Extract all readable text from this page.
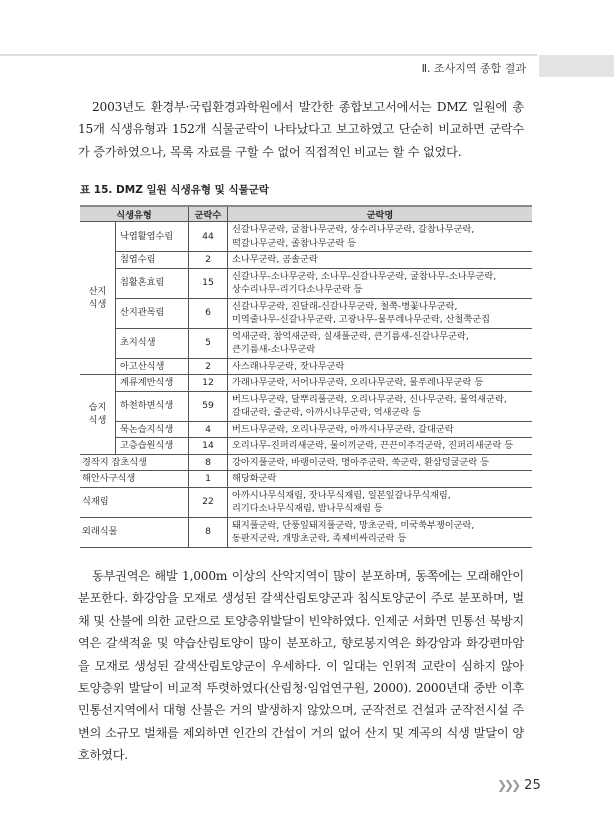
Ⅱ. 조사지역 종합 결과

2003년도 환경부·국립환경과학원에서 발간한 종합보고서에서는 DMZ 일원에 총 15개 식생유형과 152개 식물군락이 나타났다고 보고하였고 단순히 비교하면 군락수가 증가하였으나, 목록 자료를 구할 수 없어 직접적인 비교는 할 수 없었다.

표 15. DMZ 일원 식생유형 및 식물군락
식생유형		군락수	군락명
산지 식생	낙엽활엽수림	44	신갈나무군락, 굴참나무군락, 상수리나무군락, 갈참나무군락,
떡갈나무군락, 졸참나무군락 등

	침엽수림	2	소나무군락, 곰솔군락

	침활혼효림	15	신갈나무-소나무군락, 소나무-신갈나무군락, 굴참나무-소나무군락,
상수리나무-리기다소나무군락 등

	산지관목림	6	신갈나무군락, 진달래-신갈나무군락, 철쭉-병꽃나무군락,
미역줄나무-신갈나무군락, 고광나무-물푸레나무군락, 산철쭉군집

	초지식생	5	억새군락, 참억새군락, 실새풀군락, 큰기름새-신갈나무군락,
큰기름새-소나무군락

	아고산식생	2	사스래나무군락, 잣나무군락

습지 식생	계류계반식생	12	가래나무군락, 서어나무군락, 오리나무군락, 물푸레나무군락 등

	하천하변식생	59	버드나무군락, 달뿌리풀군락, 오리나무군락, 신나무군락, 물억새군락,
갈대군락, 줄군락, 아까시나무군락, 억새군락 등

	묵논습지식생	4	버드나무군락, 오리나무군락, 아까시나무군락, 갈대군락

	고층습원식생	14	오리나무-진퍼리새군락, 물이끼군락, 끈끈이주걱군락, 진퍼리새군락 등

경작지 잡초식생		8	강아지풀군락, 바랭이군락, 명아주군락, 쑥군락, 환삼덩굴군락 등

해안사구식생		1	해당화군락

식재림		22	아까시나무식재림, 잣나무식재림, 일본잎갈나무식재림,
리기다소나무식재림, 밤나무식재림 등

외래식물		8	돼지풀군락, 단풍잎돼지풀군락, 망초군락, 미국쑥부쟁이군락,
동판지군락, 개망초군락, 족제비싸리군락 등

동부권역은 해발 1,000m 이상의 산악지역이 많이 분포하며, 동쪽에는 모래해안이 분포한다. 화강암을 모재로 생성된 갈색산림토양군과 침식토양군이 주로 분포하며, 벌채 및 산불에 의한 교란으로 토양층위발달이 빈약하였다. 인제군 서화면 민통선 북방지역은 갈색적윤 및 약습산림토양이 많이 분포하고, 향로봉지역은 화강암과 화강편마암을 모재로 생성된 갈색산림토양군이 우세하다. 이 일대는 인위적 교란이 심하지 않아 토양층위 발달이 비교적 뚜렷하였다(산림청·임업연구원, 2000). 2000년대 중반 이후 민통선지역에서 대형 산불은 거의 발생하지 않았으며, 군작전로 건설과 군작전시설 주변의 소규모 벌채를 제외하면 인간의 간섭이 거의 없어 산지 및 계곡의 식생 발달이 양호하였다.

❯❯❯ 25
